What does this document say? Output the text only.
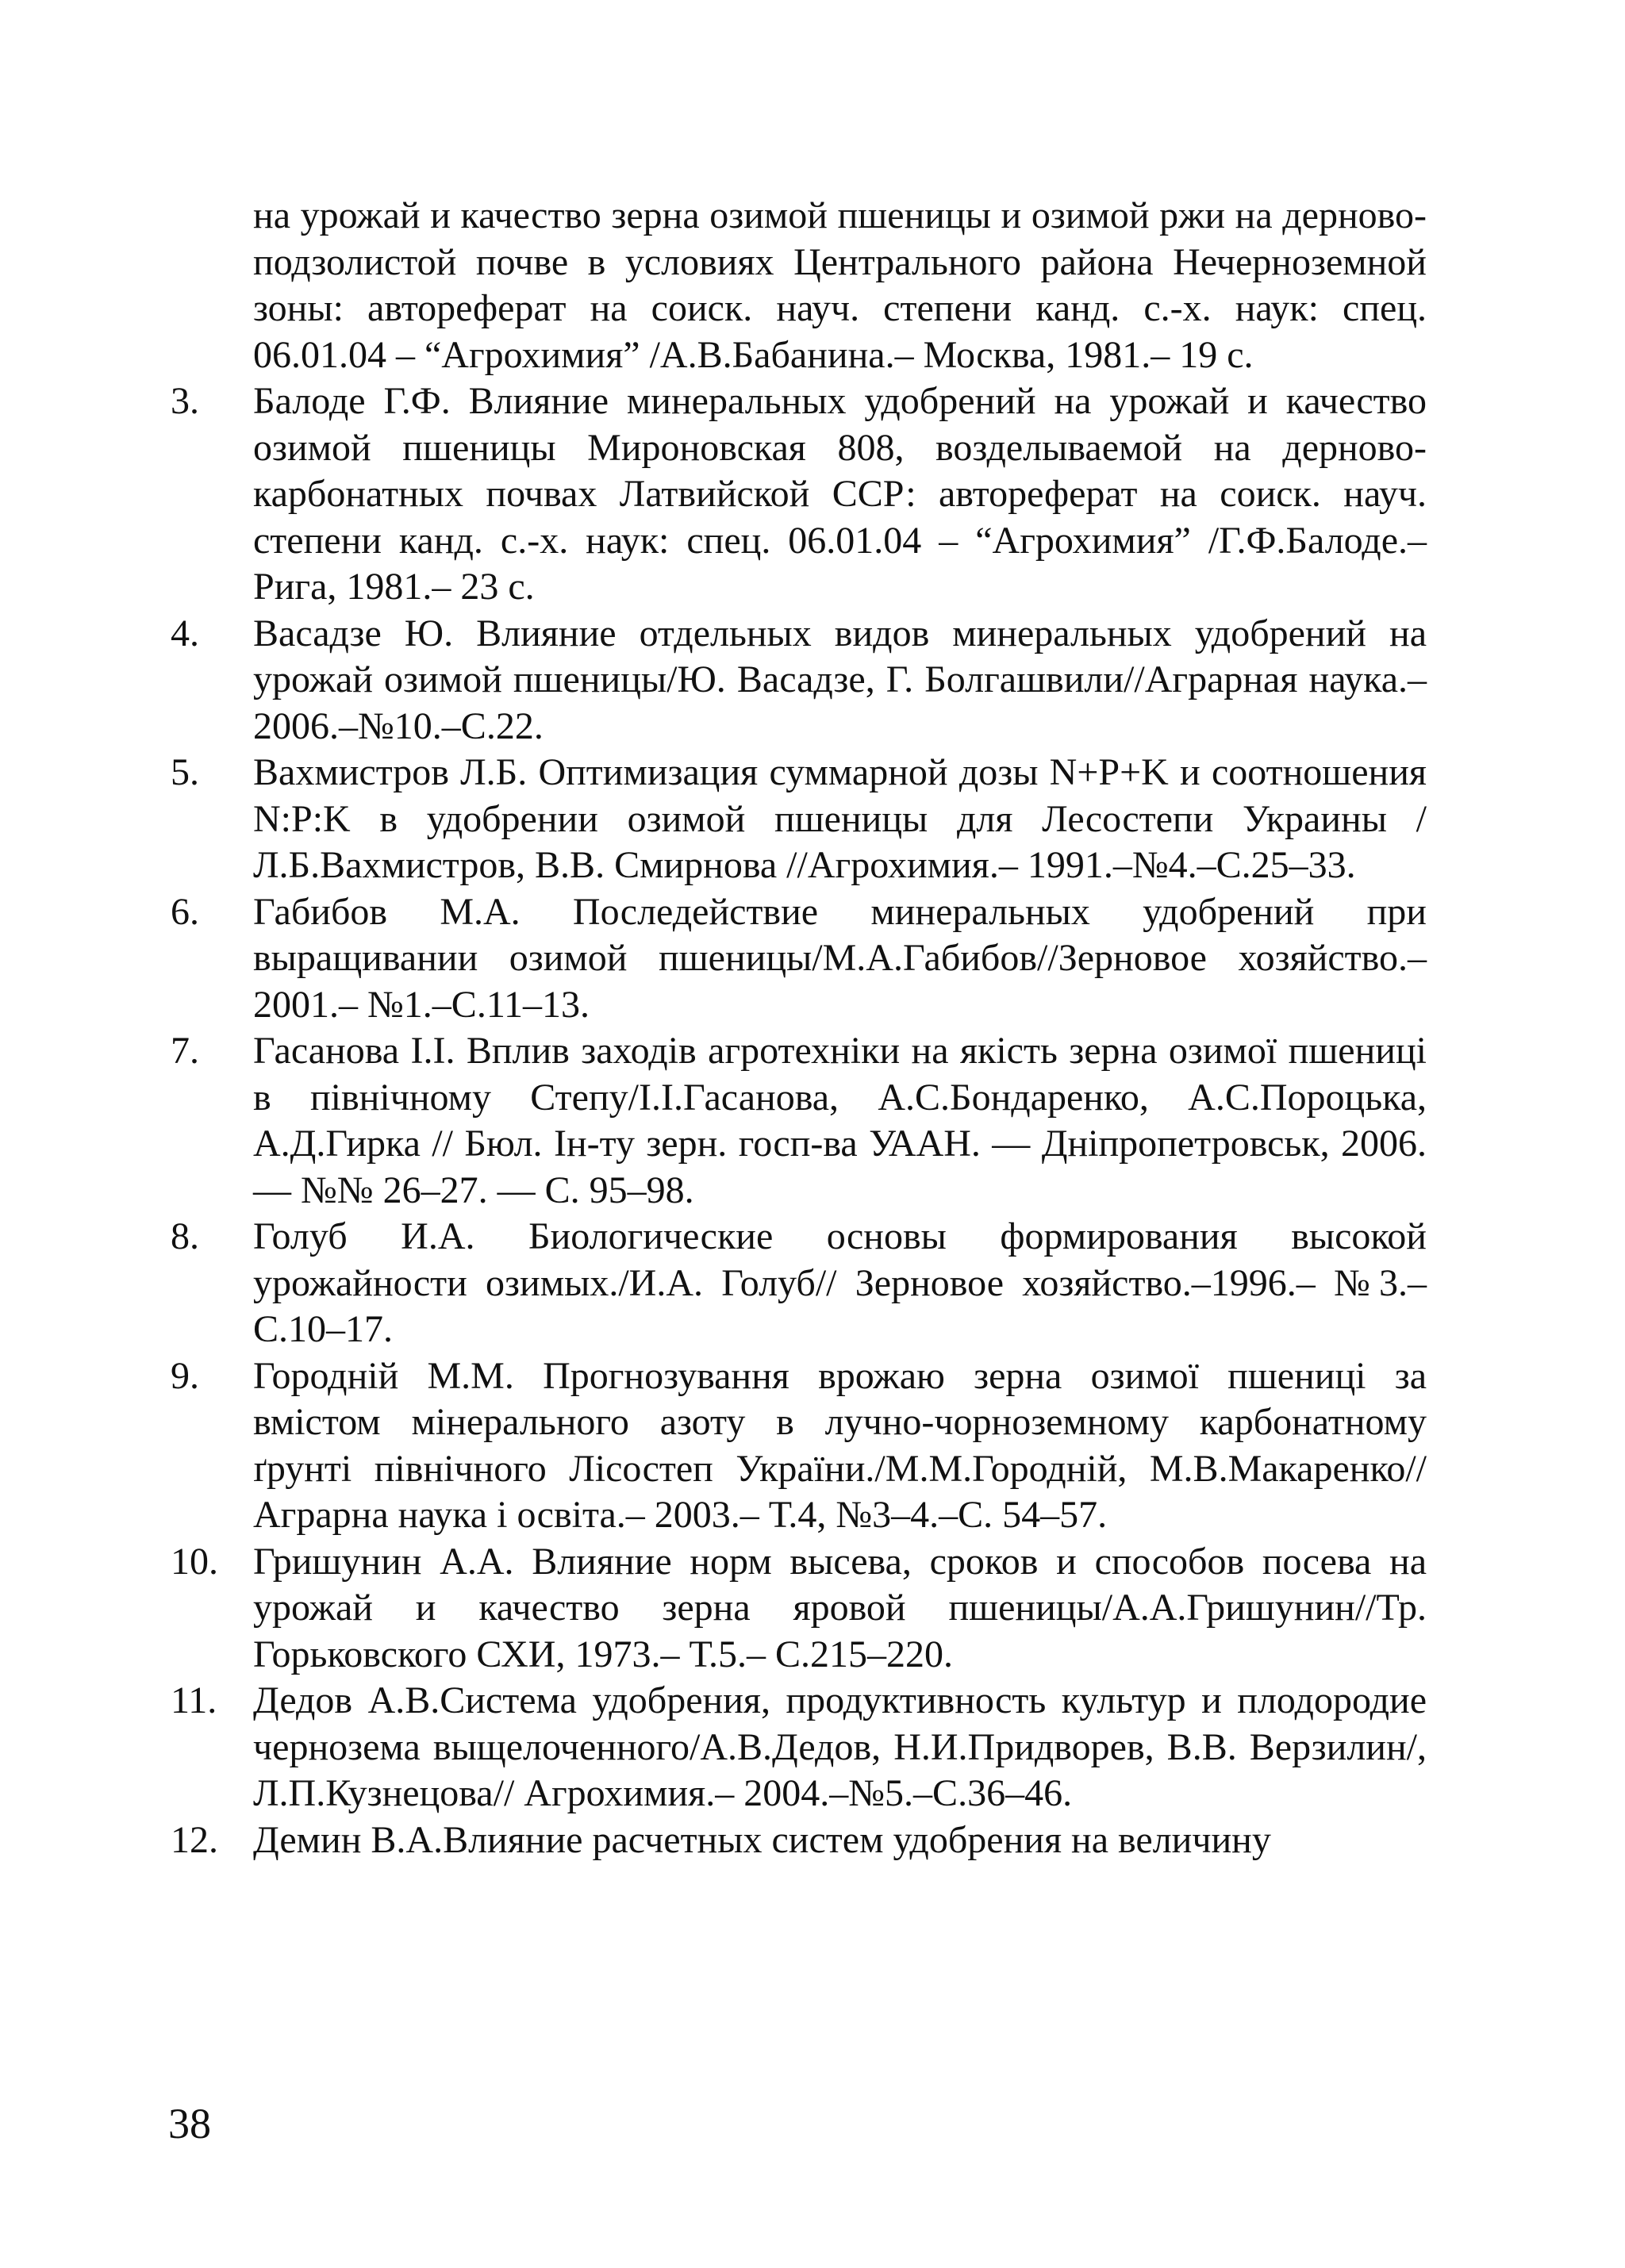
на урожай и качество зерна озимой пшеницы и озимой ржи на дерново-подзолистой почве в условиях Центрального района Нечерноземной зоны: автореферат на соиск. науч. степени канд. с.-х. наук: спец. 06.01.04 – “Агрохимия” /А.В.Бабанина.– Москва, 1981.– 19 с.
3.	Балоде Г.Ф. Влияние минеральных удобрений на урожай и качество озимой пшеницы Мироновская 808, возделываемой на дерново-карбонатных почвах Латвийской ССР: автореферат на соиск. науч. степени канд. с.-х. наук: спец. 06.01.04 – “Агрохимия” /Г.Ф.Балоде.– Рига, 1981.– 23 с.
4.	Васадзе Ю. Влияние отдельных видов минеральных удобрений на урожай озимой пшеницы/Ю. Васадзе, Г. Болгашвили//Аграрная наука.– 2006.–№10.–С.22.
5.	Вахмистров Л.Б. Оптимизация суммарной дозы N+P+K и соотношения N:P:K в удобрении озимой пшеницы для Лесостепи Украины /Л.Б.Вахмистров, В.В. Смирнова //Агрохимия.– 1991.–№4.–С.25–33.
6.	Габибов М.А. Последействие минеральных удобрений при выращивании озимой пшеницы/М.А.Габибов//Зерновое хозяйство.– 2001.– №1.–С.11–13.
7.	Гасанова І.І. Вплив заходів агротехніки на якість зерна озимої пшениці в північному Степу/І.І.Гасанова, А.С.Бондаренко, А.С.Пороцька, А.Д.Гирка // Бюл. Ін-ту зерн. госп-ва УААН. — Дніпропетровськ, 2006. — №№ 26–27. — С. 95–98.
8.	Голуб И.А. Биологические основы формирования высокой урожайности озимых./И.А. Голуб// Зерновое хозяйство.–1996.– №3.–С.10–17.
9.	Городній М.М. Прогнозування врожаю зерна озимої пшениці за вмістом мінерального азоту в лучно-чорноземному карбонатному ґрунті північного Лісостеп України./М.М.Городній, М.В.Макаренко//Аграрна наука і освіта.– 2003.– Т.4, №3–4.–С. 54–57.
10. Гришунин А.А. Влияние норм высева, сроков и способов посева на урожай и качество зерна яровой пшеницы/А.А.Гришунин//Тр. Горьковского СХИ, 1973.– Т.5.– С.215–220.
11. Дедов А.В.Система удобрения, продуктивность культур и плодородие чернозема выщелоченного/А.В.Дедов, Н.И.Придворев, В.В. Верзилин/, Л.П.Кузнецова// Агрохимия.– 2004.–№5.–С.36–46.
12. Демин В.А.Влияние расчетных систем удобрения на величину
38
